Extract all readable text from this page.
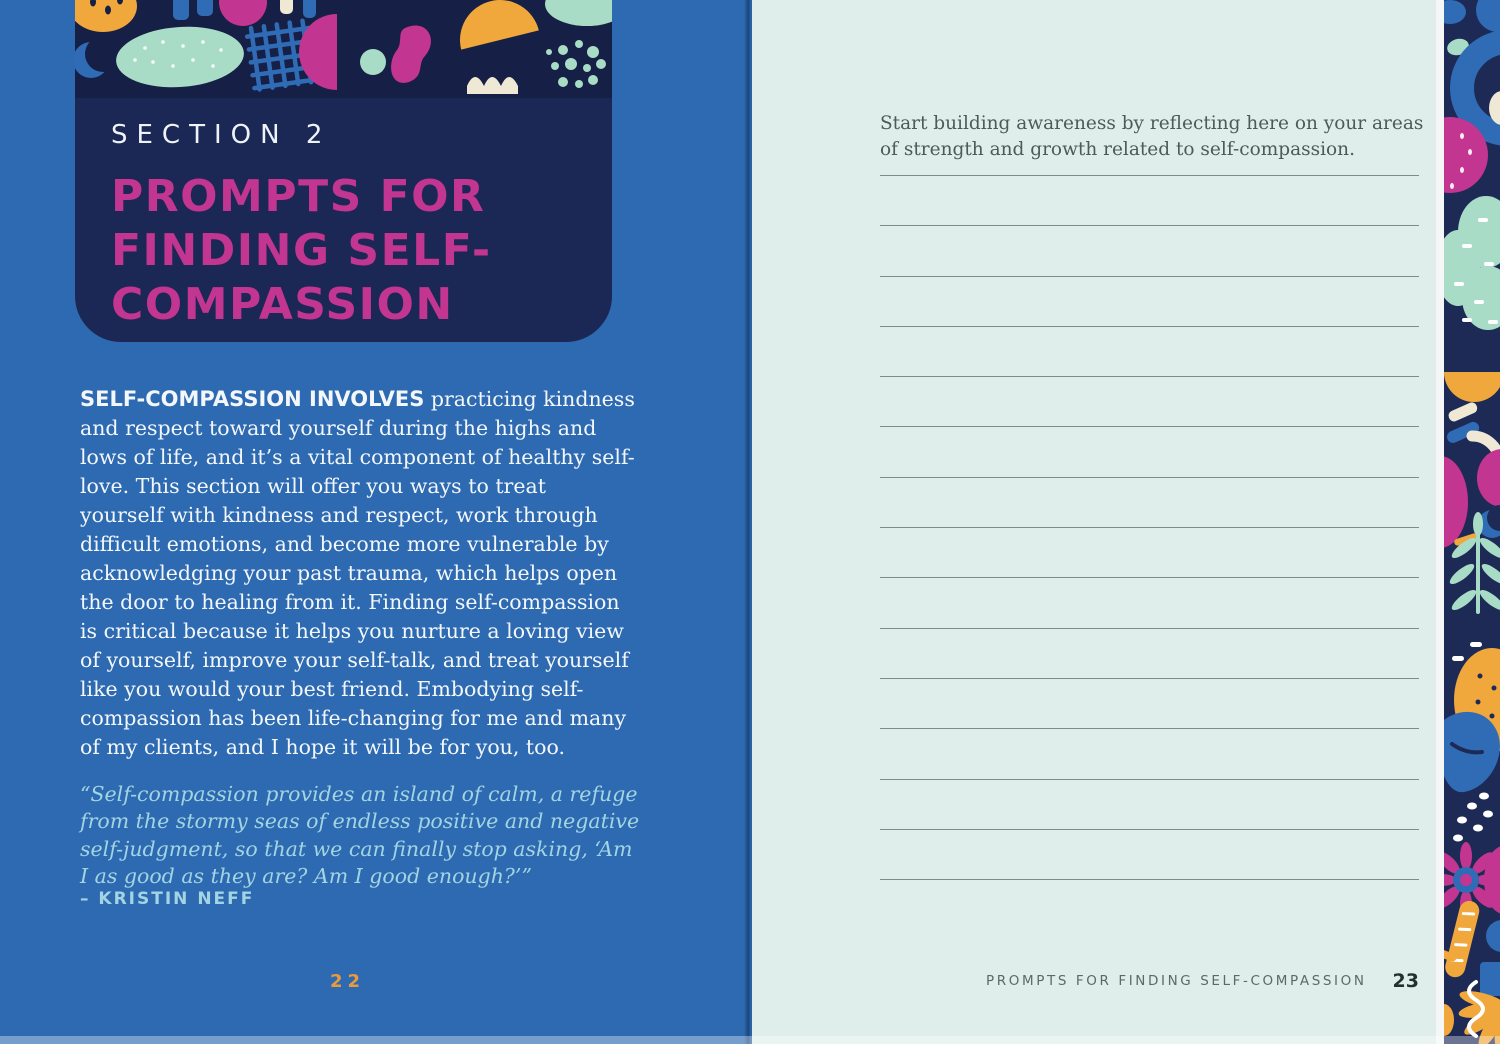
SECTION 2
PROMPTS FOR
FINDING SELF-
COMPASSION

SELF-COMPASSION INVOLVES practicing kindness and respect toward yourself during the highs and lows of life, and it’s a vital component of healthy self-love. This section will offer you ways to treat yourself with kindness and respect, work through difficult emotions, and become more vulnerable by acknowledging your past trauma, which helps open the door to healing from it. Finding self-compassion is critical because it helps you nurture a loving view of yourself, improve your self-talk, and treat yourself like you would your best friend. Embodying self-compassion has been life-changing for me and many of my clients, and I hope it will be for you, too.

“Self-compassion provides an island of calm, a refuge from the stormy seas of endless positive and negative self-judgment, so that we can finally stop asking, ‘Am I as good as they are? Am I good enough?’”

– KRISTIN NEFF
22

Start building awareness by reflecting here on your areas of strength and growth related to self-compassion.

PROMPTS FOR FINDING SELF-COMPASSION 23
